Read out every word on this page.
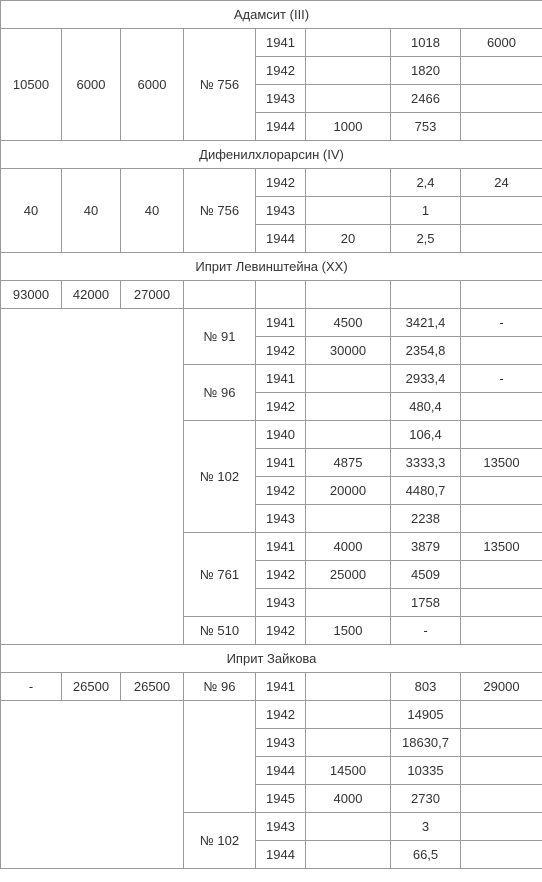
Адамсит (III)							
10500	6000	6000	№ 756	1941		1018	6000
				1942		1820	
				1943		2466	
				1944	1000	753	
Дифенилхлорарсин (IV)							
40	40	40	№ 756	1942		2,4	24
				1943		1	
				1944	20	2,5	
Иприт Левинштейна (XX)							
93000	42000	27000					
			№ 91	1941	4500	3421,4	-
				1942	30000	2354,8	
			№ 96	1941		2933,4	-
				1942		480,4	
			№ 102	1940		106,4	
				1941	4875	3333,3	13500
				1942	20000	4480,7	
				1943		2238	
			№ 761	1941	4000	3879	13500
				1942	25000	4509	
				1943		1758	
			№ 510	1942	1500	-	
Иприт Зайкова							
-	26500	26500	№ 96	1941		803	29000
				1942		14905	
				1943		18630,7	
				1944	14500	10335	
				1945	4000	2730	
			№ 102	1943		3	
				1944		66,5	
